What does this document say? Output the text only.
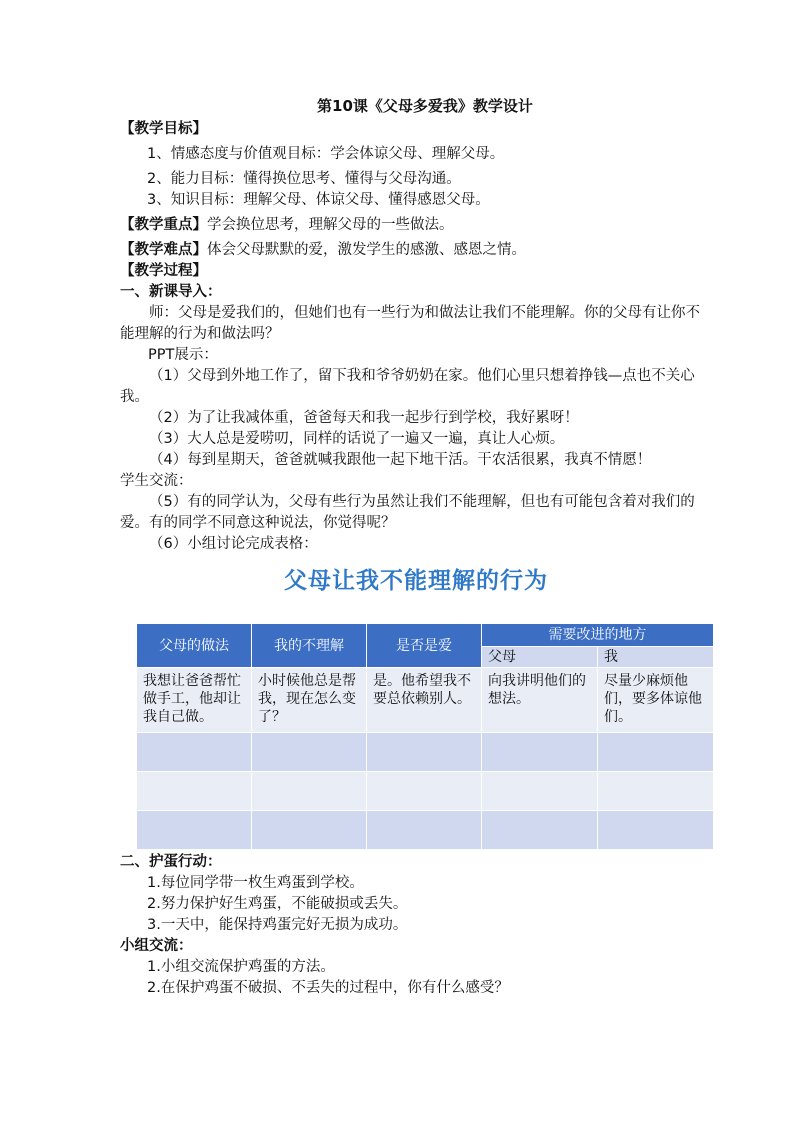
第10课《父母多爱我》教学设计

【教学目标】

1、情感态度与价值观目标：学会体谅父母、理解父母。

2、能力目标：懂得换位思考、懂得与父母沟通。

3、知识目标：理解父母、体谅父母、懂得感恩父母。

【教学重点】学会换位思考，理解父母的一些做法。

【教学难点】体会父母默默的爱，激发学生的感激、感恩之情。

【教学过程】

一、新课导入：

师：父母是爱我们的，但她们也有一些行为和做法让我们不能理解。你的父母有让你不能理解的行为和做法吗？

PPT展示：

（1）父母到外地工作了，留下我和爷爷奶奶在家。他们心里只想着挣钱—点也不关心我。

（2）为了让我减体重，爸爸每天和我一起步行到学校，我好累呀！

（3）大人总是爱唠叨，同样的话说了一遍又一遍，真让人心烦。

（4）每到星期天，爸爸就喊我跟他一起下地干活。干农活很累，我真不情愿！

学生交流：

（5）有的同学认为，父母有些行为虽然让我们不能理解，但也有可能包含着对我们的爱。有的同学不同意这种说法，你觉得呢？

（6）小组讨论完成表格：

父母让我不能理解的行为
父母的做法	我的不理解	是否是爱	需要改进的地方	
			父母	我
我想让爸爸帮忙做手工，他却让我自己做。	小时候他总是帮我，现在怎么变了？	是。他希望我不要总依赖别人。	向我讲明他们的想法。	尽量少麻烦他们，要多体谅他们。

二、护蛋行动：

1.每位同学带一枚生鸡蛋到学校。

2.努力保护好生鸡蛋，不能破损或丢失。

3.一天中，能保持鸡蛋完好无损为成功。

小组交流：

1.小组交流保护鸡蛋的方法。

2.在保护鸡蛋不破损、不丢失的过程中，你有什么感受？
